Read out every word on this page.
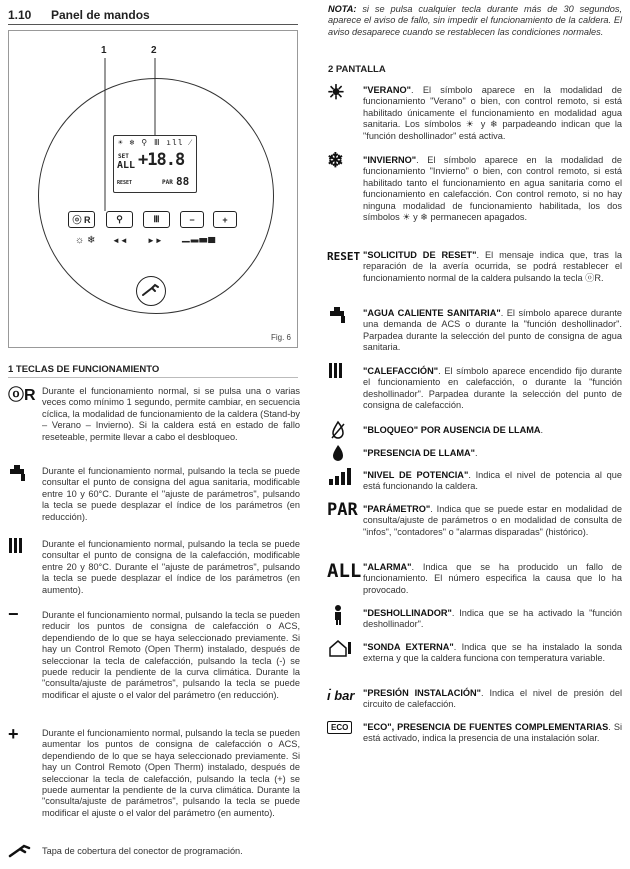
1.10 Panel de mandos
1	2
Fig. 6
☀ ❄ ⚲ Ⅲ ıll ⁄
SET
ALL +18.8
RESET	PAR 88
ⓞ R	⚲	Ⅲ	−	+
☼ ❄ ◄◄ ►► ▁▂▃▄
1 TECLAS DE FUNCIONAMIENTO
ⓞR Durante el funcionamiento normal, si se pulsa una o varias veces como mínimo 1 segundo, permite cambiar, en secuencia cíclica, la modalidad de funcionamiento de la caldera (Stand-by – Verano – Invierno). Si la caldera está en estado de fallo reseteable, permite llevar a cabo el desbloqueo.
Durante el funcionamiento normal, pulsando la tecla se puede consultar el punto de consigna del agua sanitaria, modificable entre 10 y 60°C. Durante el "ajuste de parámetros", pulsando la tecla se puede desplazar el índice de los parámetros (en reducción).
Durante el funcionamiento normal, pulsando la tecla se puede consultar el punto de consigna de la calefacción, modificable entre 20 y 80°C. Durante el "ajuste de parámetros", pulsando la tecla se puede desplazar el índice de los parámetros (en aumento).
−	Durante el funcionamiento normal, pulsando la tecla se pueden reducir los puntos de consigna de calefacción o ACS, dependiendo de lo que se haya seleccionado previamente. Si hay un Control Remoto (Open Therm) instalado, después de seleccionar la tecla de calefacción, pulsando la tecla (-) se puede reducir la pendiente de la curva climática. Durante la "consulta/ajuste de parámetros", pulsando la tecla se puede modificar el ajuste o el valor del parámetro (en reducción).
+	Durante el funcionamiento normal, pulsando la tecla se pueden aumentar los puntos de consigna de calefacción o ACS, dependiendo de lo que se haya seleccionado previamente. Si hay un Control Remoto (Open Therm) instalado, después de seleccionar la tecla de calefacción, pulsando la tecla (+) se puede aumentar la pendiente de la curva climática. Durante la "consulta/ajuste de parámetros", pulsando la tecla se puede modificar el ajuste o el valor del parámetro (en aumento).
Tapa de cobertura del conector de programación.
NOTA: si se pulsa cualquier tecla durante más de 30 segundos, aparece el aviso de fallo, sin impedir el funcionamiento de la caldera. El aviso desaparece cuando se restablecen las condiciones normales.
2 PANTALLA
☀ "VERANO". El símbolo aparece en la modalidad de funcionamiento "Verano" o bien, con control remoto, si está habilitado únicamente el funcionamiento en modalidad agua sanitaria. Los símbolos ☀ y ❄ parpadeando indican que la "función deshollinador" está activa.
❄ "INVIERNO". El símbolo aparece en la modalidad de funcionamiento "Invierno" o bien, con control remoto, si está habilitado tanto el funcionamiento en agua sanitaria como el funcionamiento en calefacción. Con control remoto, si no hay ninguna modalidad de funcionamiento habilitada, los dos símbolos ☀ y ❄ permanecen apagados.
RESET "SOLICITUD DE RESET". El mensaje indica que, tras la reparación de la avería ocurrida, se podrá restablecer el funcionamiento normal de la caldera pulsando la tecla ⓞR.
"AGUA CALIENTE SANITARIA". El símbolo aparece durante una demanda de ACS o durante la "función deshollinador". Parpadea durante la selección del punto de consigna de agua sanitaria.
"CALEFACCIÓN". El símbolo aparece encendido fijo durante el funcionamiento en calefacción, o durante la "función deshollinador". Parpadea durante la selección del punto de consigna de calefacción.
"BLOQUEO" POR AUSENCIA DE LLAMA.
"PRESENCIA DE LLAMA".
"NIVEL DE POTENCIA". Indica el nivel de potencia al que está funcionando la caldera.
PAR "PARÁMETRO". Indica que se puede estar en modalidad de consulta/ajuste de parámetros o en modalidad de consulta de "infos", "contadores" o "alarmas disparadas" (histórico).
ALL "ALARMA". Indica que se ha producido un fallo de funcionamiento. El número especifica la causa que lo ha provocado.
"DESHOLLINADOR". Indica que se ha activado la "función deshollinador".
"SONDA EXTERNA". Indica que se ha instalado la sonda externa y que la caldera funciona con temperatura variable.
ı̇ bar "PRESIÓN INSTALACIÓN". Indica el nivel de presión del circuito de calefacción.
ECO	"ECO", PRESENCIA DE FUENTES COMPLEMENTARIAS. Si está activado, indica la presencia de una instalación solar.
